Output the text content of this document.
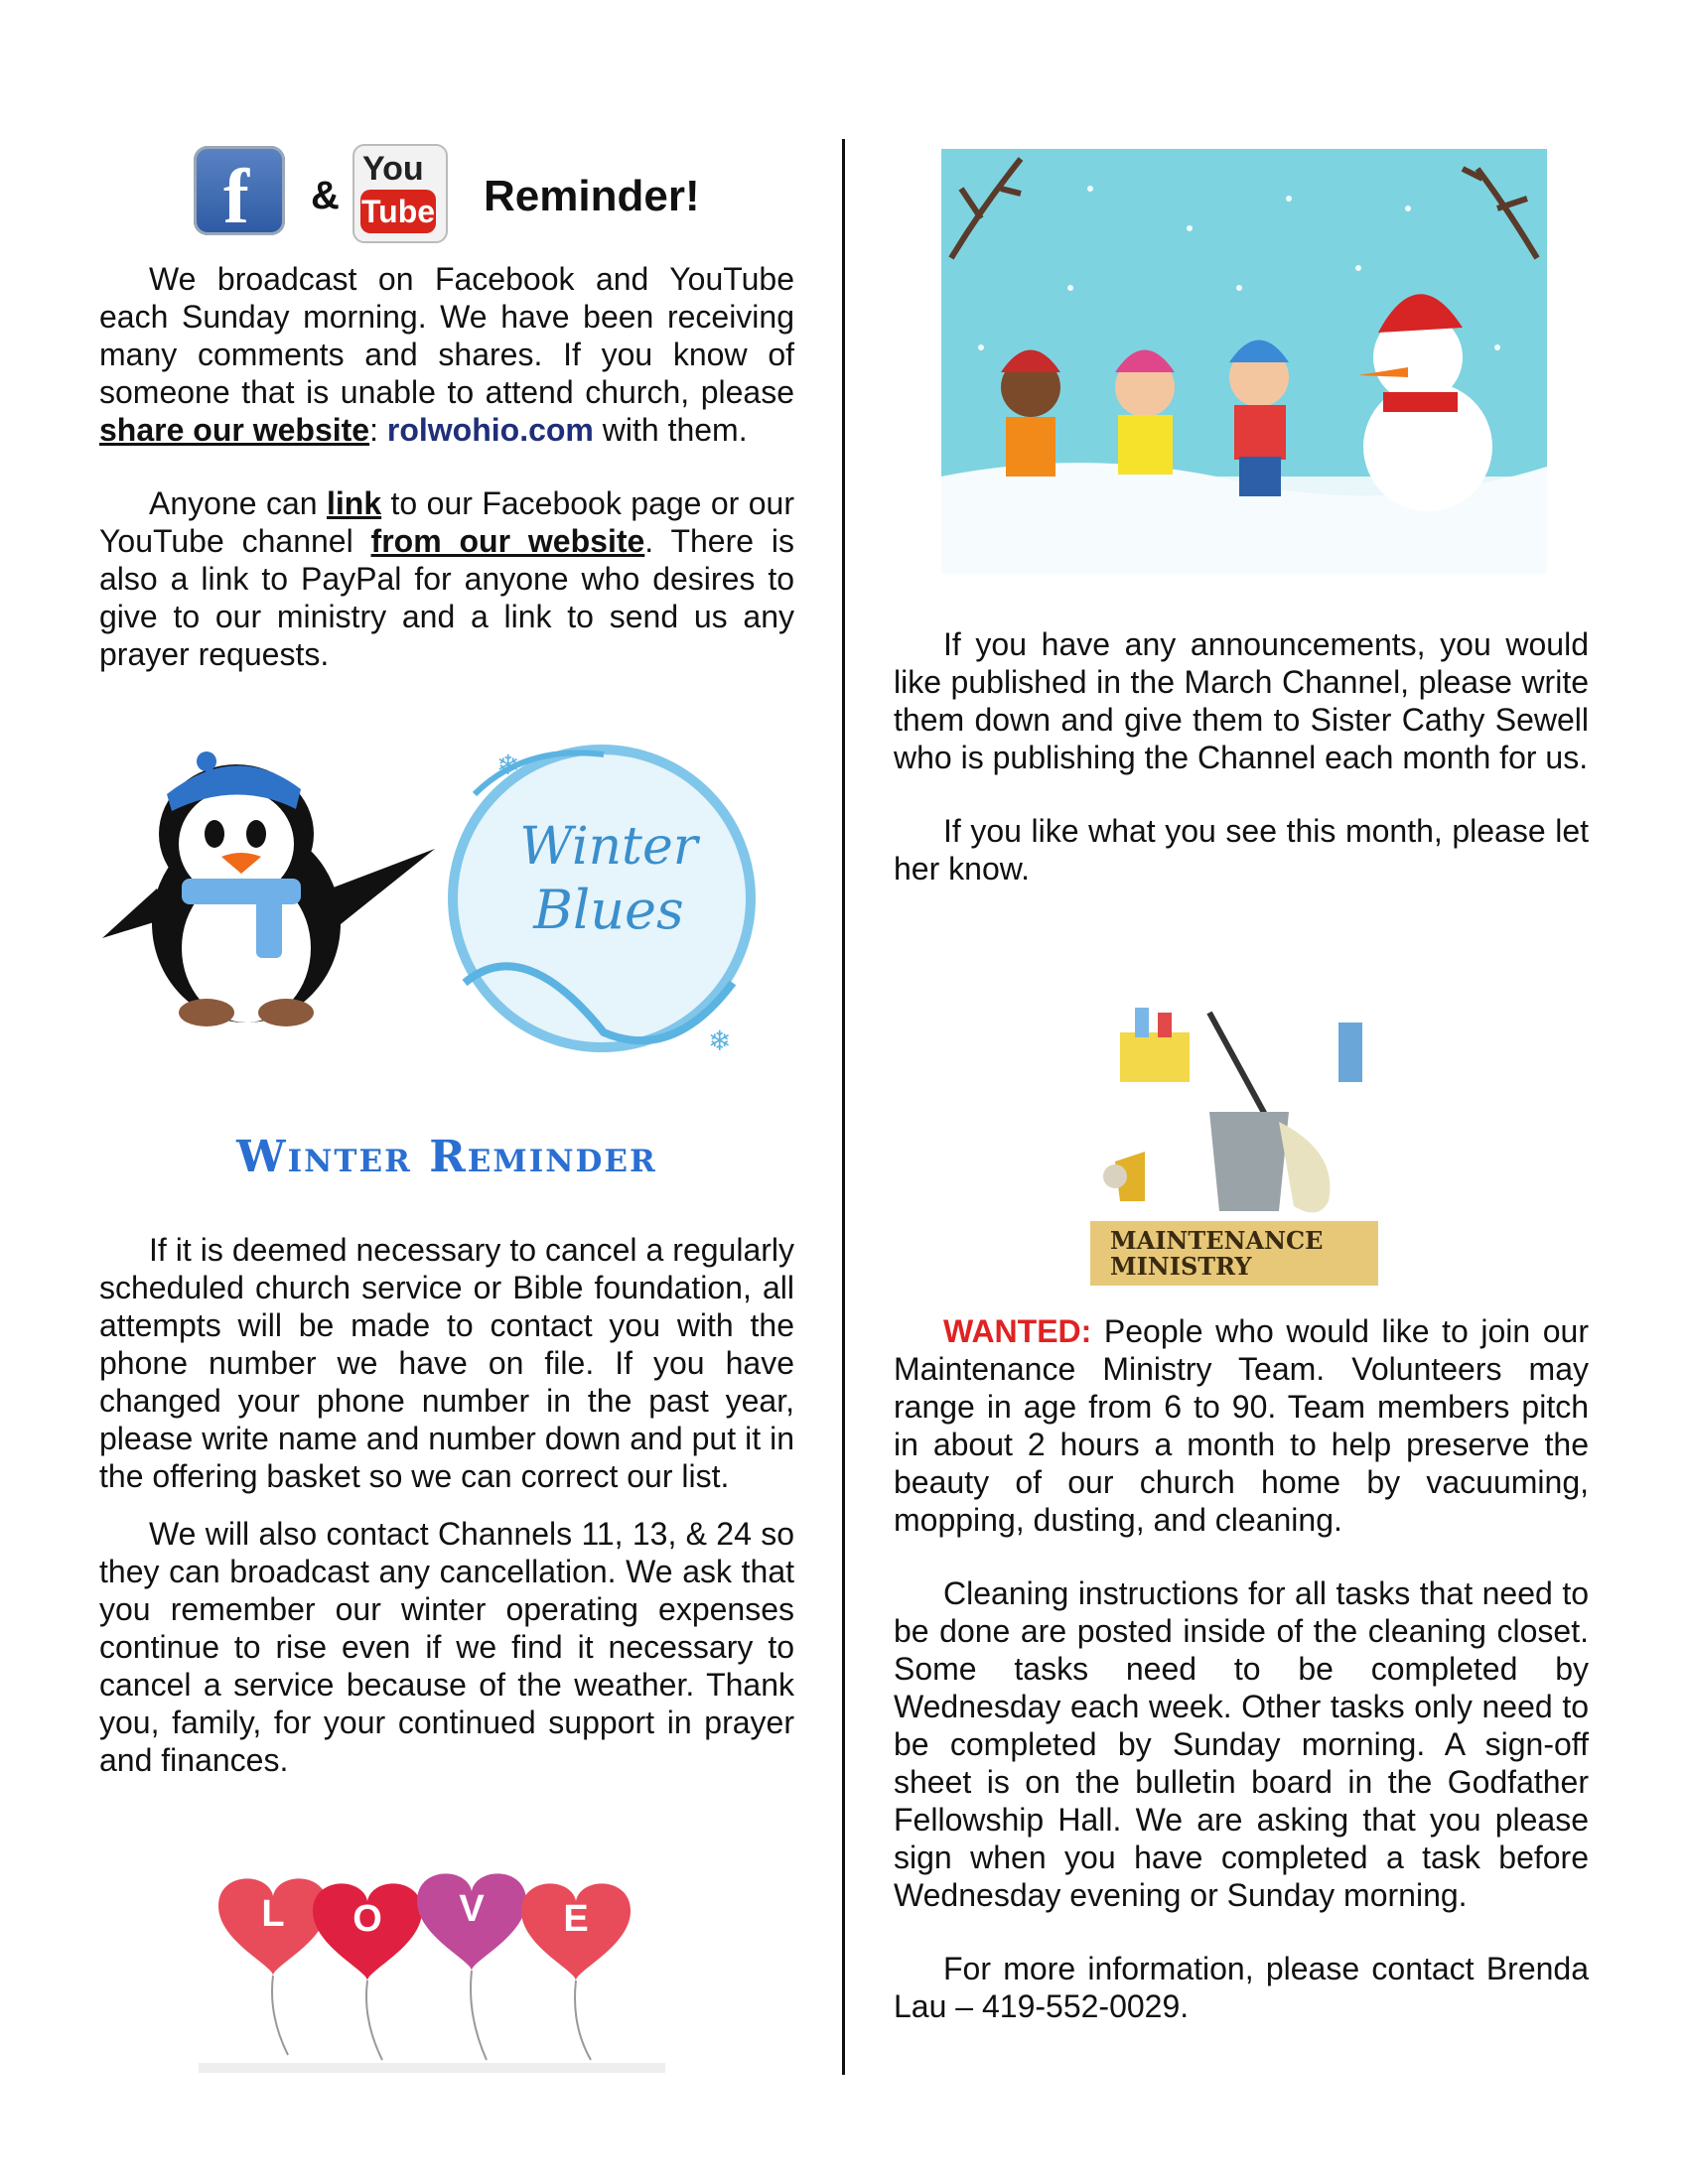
f &
You
Tube Reminder!

We broadcast on Facebook and YouTube each Sunday morning. We have been receiving many comments and shares. If you know of someone that is unable to attend church, please share our website: rolwohio.com with them.

Anyone can link to our Facebook page or our YouTube channel from our website. There is also a link to PayPal for anyone who desires to give to our ministry and a link to send us any prayer requests.

Winter
Blues
❄
❄
Winter Reminder

If it is deemed necessary to cancel a regularly scheduled church service or Bible foundation, all attempts will be made to contact you with the phone number we have on file. If you have changed your phone number in the past year, please write name and number down and put it in the offering basket so we can correct our list.

We will also contact Channels 11, 13, & 24 so they can broadcast any cancellation. We ask that you remember our winter operating expenses continue to rise even if we find it necessary to cancel a service because of the weather. Thank you, family, for your continued support in prayer and finances.

L O V E

If you have any announcements, you would like published in the March Channel, please write them down and give them to Sister Cathy Sewell who is publishing the Channel each month for us.

If you like what you see this month, please let her know.

MAINTENANCE
MINISTRY

WANTED: People who would like to join our Maintenance Ministry Team. Volunteers may range in age from 6 to 90. Team members pitch in about 2 hours a month to help preserve the beauty of our church home by vacuuming, mopping, dusting, and cleaning.

Cleaning instructions for all tasks that need to be done are posted inside of the cleaning closet. Some tasks need to be completed by Wednesday each week. Other tasks only need to be completed by Sunday morning. A sign-off sheet is on the bulletin board in the Godfather Fellowship Hall. We are asking that you please sign when you have completed a task before Wednesday evening or Sunday morning.

For more information, please contact Brenda Lau – 419-552-0029.
